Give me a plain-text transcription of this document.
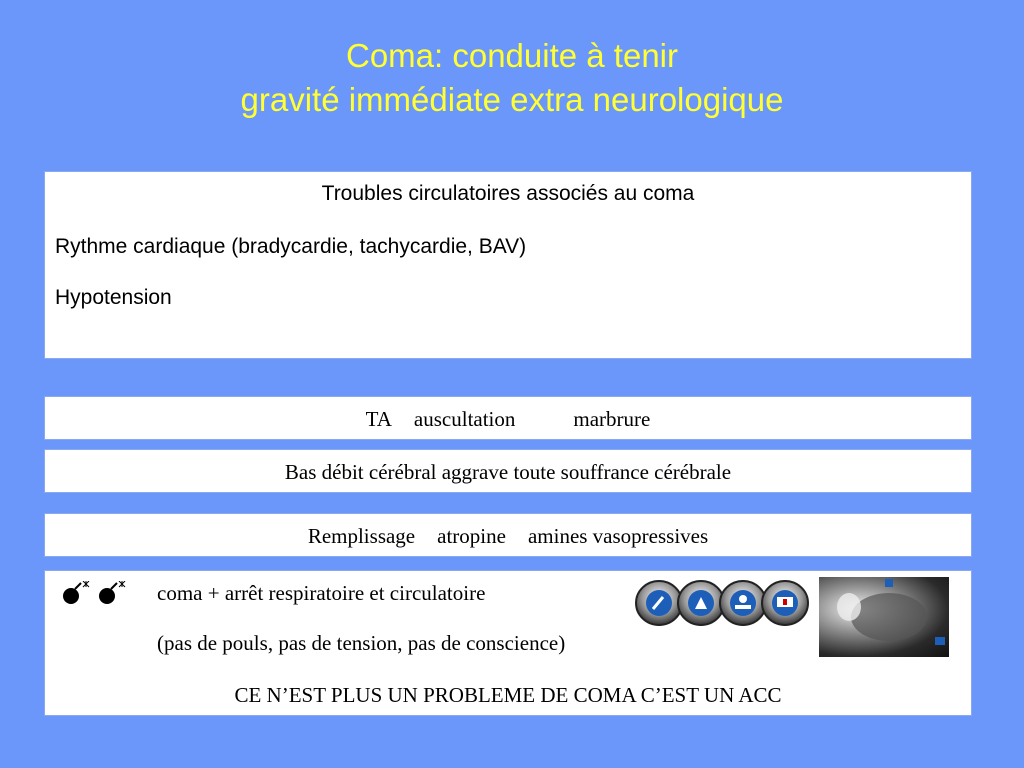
Coma: conduite à tenir
gravité immédiate extra neurologique

Troubles circulatoires associés au coma

Rythme cardiaque (bradycardie, tachycardie, BAV)

Hypotension

TA auscultation	marbrure
Bas débit cérébral aggrave toute souffrance cérébrale
Remplissage atropine amines vasopressives
coma + arrêt respiratoire et circulatoire
(pas de pouls, pas de tension, pas de conscience)
CE N’EST PLUS UN PROBLEME DE COMA C’EST UN ACC
